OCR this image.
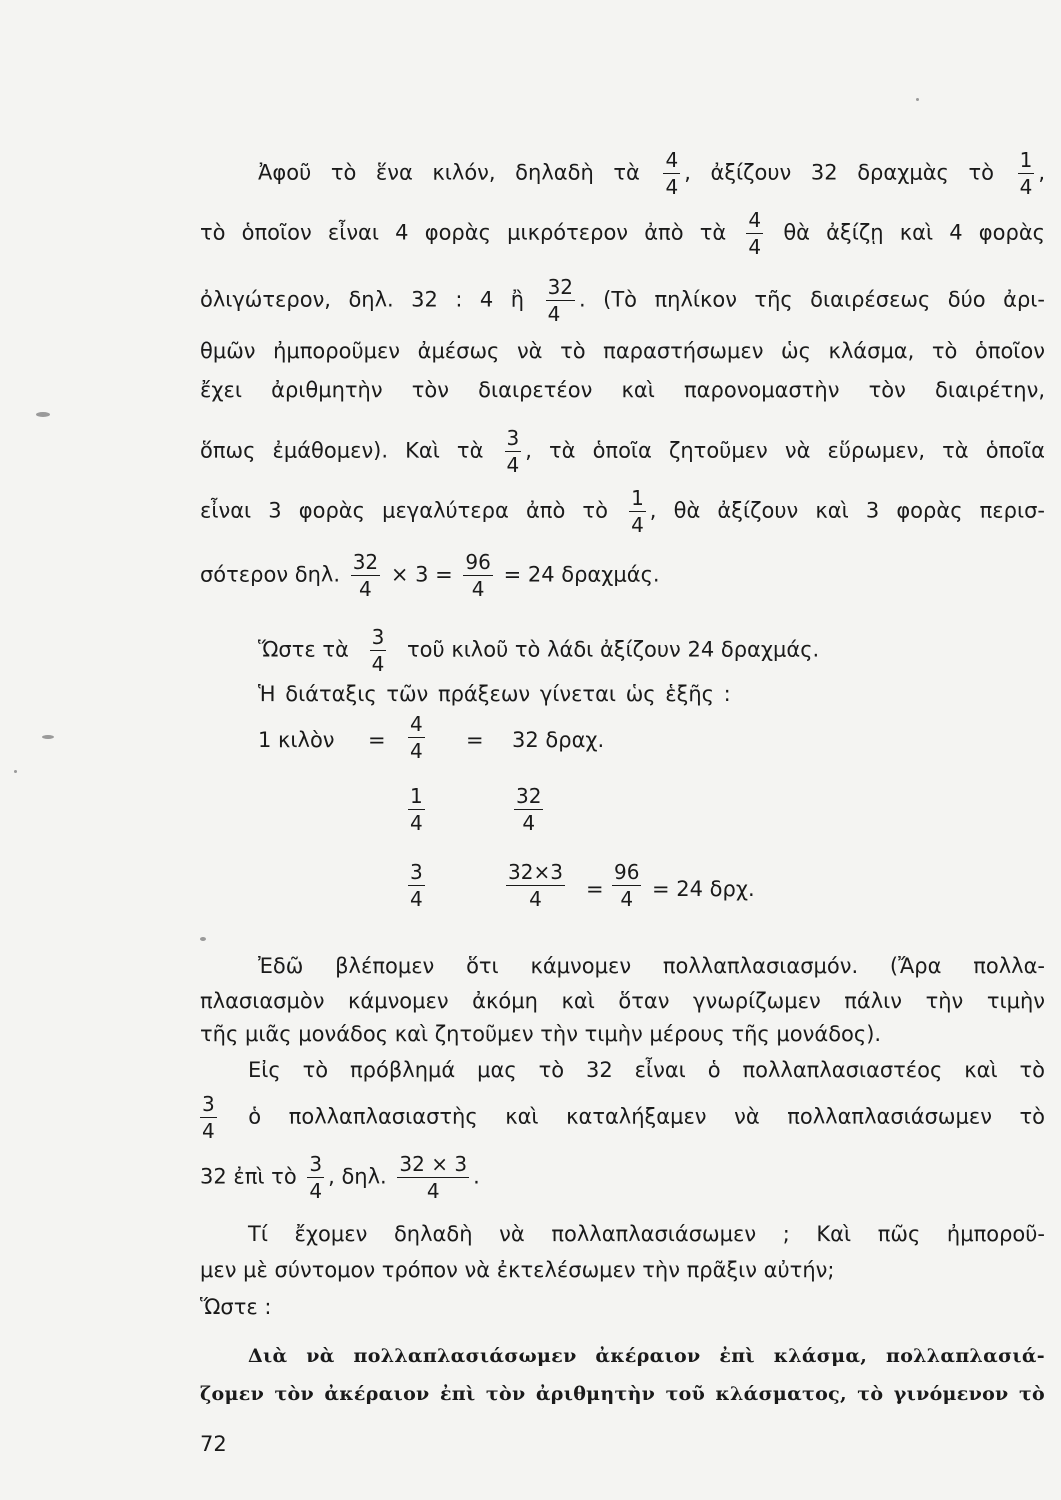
Ἀφοῦ τὸ ἕνα κιλόν, δηλαδὴ τὰ $\frac{4}{4}$ , ἀξίζουν 32 δραχμὰς τὸ $\frac{1}{4}$ ,
τὸ ὁποῖον εἶναι 4 φορὰς μικρότερον ἀπὸ τὰ $\frac{4}{4}$ θὰ ἀξίζῃ καὶ 4 φορὰς
ὀλιγώτερον, δηλ. 32 : 4 ἢ $\frac{32}{4}$ . (Τὸ πηλίκον τῆς διαιρέσεως δύο ἀρι-
θμῶν ἠμποροῦμεν ἀμέσως νὰ τὸ παραστήσωμεν ὡς κλάσμα, τὸ ὁποῖον
ἔχει ἀριθμητὴν τὸν διαιρετέον καὶ παρονομαστὴν τὸν διαιρέτην,
ὅπως ἐμάθομεν). Καὶ τὰ $\frac{3}{4}$ , τὰ ὁποῖα ζητοῦμεν νὰ εὕρωμεν, τὰ ὁποῖα
εἶναι 3 φορὰς μεγαλύτερα ἀπὸ τὸ $\frac{1}{4}$ , θὰ ἀξίζουν καὶ 3 φορὰς περισ-
σότερον δηλ. $\frac{32}{4} \times 3 = \frac{96}{4} = 24$ δραχμάς.
Ὥστε τὰ $\frac{3}{4}$ τοῦ κιλοῦ τὸ λάδι ἀξίζουν 24 δραχμάς.
Ἡ διάταξις τῶν πράξεων γίνεται ὡς ἑξῆς :
1 κιλὸν = $\frac{4}{4} = 32$ δραχ.
$\frac{1}{4}$	$\frac{32}{4}$
$\frac{3}{4}$	$\frac{32\times 3}{4} = \frac{96}{4} = 24$ δρχ.
Ἐδῶ βλέπομεν ὅτι κάμνομεν πολλαπλασιασμόν. (Ἄρα πολλα-
πλασιασμὸν κάμνομεν ἀκόμη καὶ ὅταν γνωρίζωμεν πάλιν τὴν τιμὴν
τῆς μιᾶς μονάδος καὶ ζητοῦμεν τὴν τιμὴν μέρους τῆς μονάδος).
Εἰς τὸ πρόβλημά μας τὸ 32 εἶναι ὁ πολλαπλασιαστέος καὶ τὸ
$\frac{3}{4}$ ὁ πολλαπλασιαστὴς καὶ καταλήξαμεν νὰ πολλαπλασιάσωμεν τὸ
32 ἐπὶ τὸ $\frac{3}{4}$ , δηλ. $\frac{32 \times 3}{4}$ .
Τί ἔχομεν δηλαδὴ νὰ πολλαπλασιάσωμεν ; Καὶ πῶς ἠμποροῦ-
μεν μὲ σύντομον τρόπον νὰ ἐκτελέσωμεν τὴν πρᾶξιν αὐτήν;
Ὥστε :
Διὰ νὰ πολλαπλασιάσωμεν ἀκέραιον ἐπὶ κλάσμα, πολλαπλασιά-
ζομεν τὸν ἀκέραιον ἐπὶ τὸν ἀριθμητὴν τοῦ κλάσματος, τὸ γινόμενον τὸ
72
